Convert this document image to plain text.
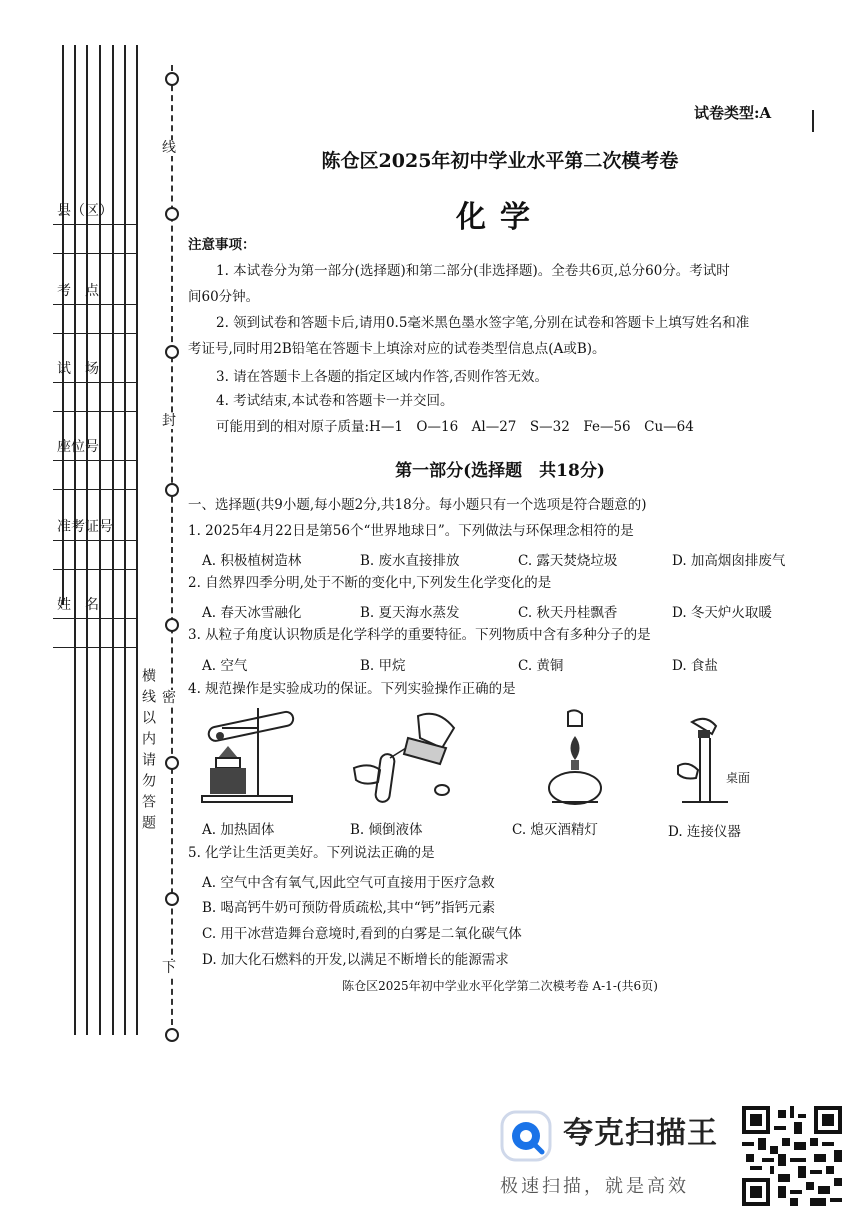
线
封
密
下
横线以内请勿答题
县（区）
考　点
试　场
座位号
准考证号
姓　名
试卷类型:A
陈仓区2025年初中学业水平第二次模考卷
化学
注意事项：
1. 本试卷分为第一部分(选择题)和第二部分(非选择题)。全卷共6页,总分60分。考试时
间60分钟。
2. 领到试卷和答题卡后,请用0.5毫米黑色墨水签字笔,分别在试卷和答题卡上填写姓名和准
考证号,同时用2B铅笔在答题卡上填涂对应的试卷类型信息点(A或B)。
3. 请在答题卡上各题的指定区域内作答,否则作答无效。
4. 考试结束,本试卷和答题卡一并交回。
可能用到的相对原子质量:H—1　O—16　Al—27　S—32　Fe—56　Cu—64
第一部分(选择题　共18分)
一、选择题(共9小题,每小题2分,共18分。每小题只有一个选项是符合题意的)
1. 2025年4月22日是第56个“世界地球日”。下列做法与环保理念相符的是
A. 积极植树造林	B. 废水直接排放	C. 露天焚烧垃圾	D. 加高烟囱排废气
2. 自然界四季分明,处于不断的变化中,下列发生化学变化的是
A. 春天冰雪融化	B. 夏天海水蒸发	C. 秋天丹桂飘香	D. 冬天炉火取暖
3. 从粒子角度认识物质是化学科学的重要特征。下列物质中含有多种分子的是
A. 空气	B. 甲烷	C. 黄铜	D. 食盐
4. 规范操作是实验成功的保证。下列实验操作正确的是
桌面
A. 加热固体	B. 倾倒液体	C. 熄灭酒精灯	D. 连接仪器
5. 化学让生活更美好。下列说法正确的是
A. 空气中含有氧气,因此空气可直接用于医疗急救
B. 喝高钙牛奶可预防骨质疏松,其中“钙”指钙元素
C. 用干冰营造舞台意境时,看到的白雾是二氧化碳气体
D. 加大化石燃料的开发,以满足不断增长的能源需求
陈仓区2025年初中学业水平化学第二次模考卷 A-1-(共6页)
夸克扫描王
极速扫描，就是高效
